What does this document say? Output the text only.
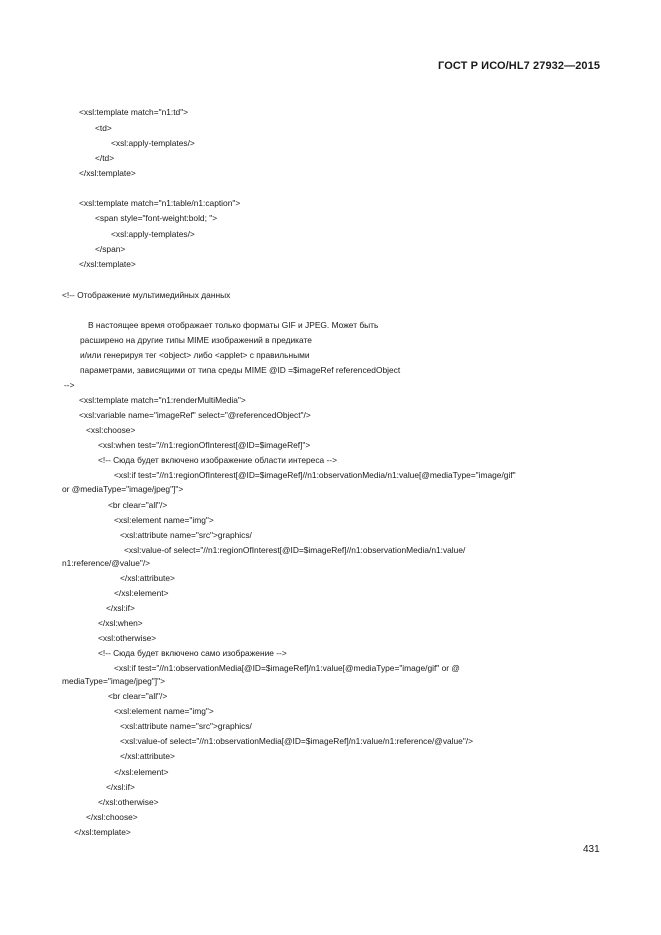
ГОСТ Р ИСО/HL7 27932—2015
<xsl:template match="n1:td">
<td>
<xsl:apply-templates/>
</td>
</xsl:template>
<xsl:template match="n1:table/n1:caption">
<span style="font-weight:bold; ">
<xsl:apply-templates/>
</span>
</xsl:template>
<!-- Отображение мультимедийных данных
В настоящее время отображает только форматы GIF и JPEG. Может быть
расширено на другие типы MIME изображений в предикате
и/или генерируя тег <object> либо <applet> с правильными
параметрами, зависящими от типа среды MIME @ID =$imageRef referencedObject
-->
<xsl:template match="n1:renderMultiMedia">
<xsl:variable name="imageRef" select="@referencedObject"/>
<xsl:choose>
<xsl:when test="//n1:regionOfInterest[@ID=$imageRef]">
<!-- Сюда будет включено изображение области интереса -->
<xsl:if test="//n1:regionOfInterest[@ID=$imageRef]//n1:observationMedia/n1:value[@mediaType="image/gif"
or @mediaType="image/jpeg"]">
<br clear="all"/>
<xsl:element name="img">
<xsl:attribute name="src">graphics/
<xsl:value-of select="//n1:regionOfInterest[@ID=$imageRef]//n1:observationMedia/n1:value/
n1:reference/@value"/>
</xsl:attribute>
</xsl:element>
</xsl:if>
</xsl:when>
<xsl:otherwise>
<!-- Сюда будет включено само изображение -->
<xsl:if test="//n1:observationMedia[@ID=$imageRef]/n1:value[@mediaType="image/gif" or @
mediaType="image/jpeg"]">
<br clear="all"/>
<xsl:element name="img">
<xsl:attribute name="src">graphics/
<xsl:value-of select="//n1:observationMedia[@ID=$imageRef]/n1:value/n1:reference/@value"/>
</xsl:attribute>
</xsl:element>
</xsl:if>
</xsl:otherwise>
</xsl:choose>
</xsl:template>
431
